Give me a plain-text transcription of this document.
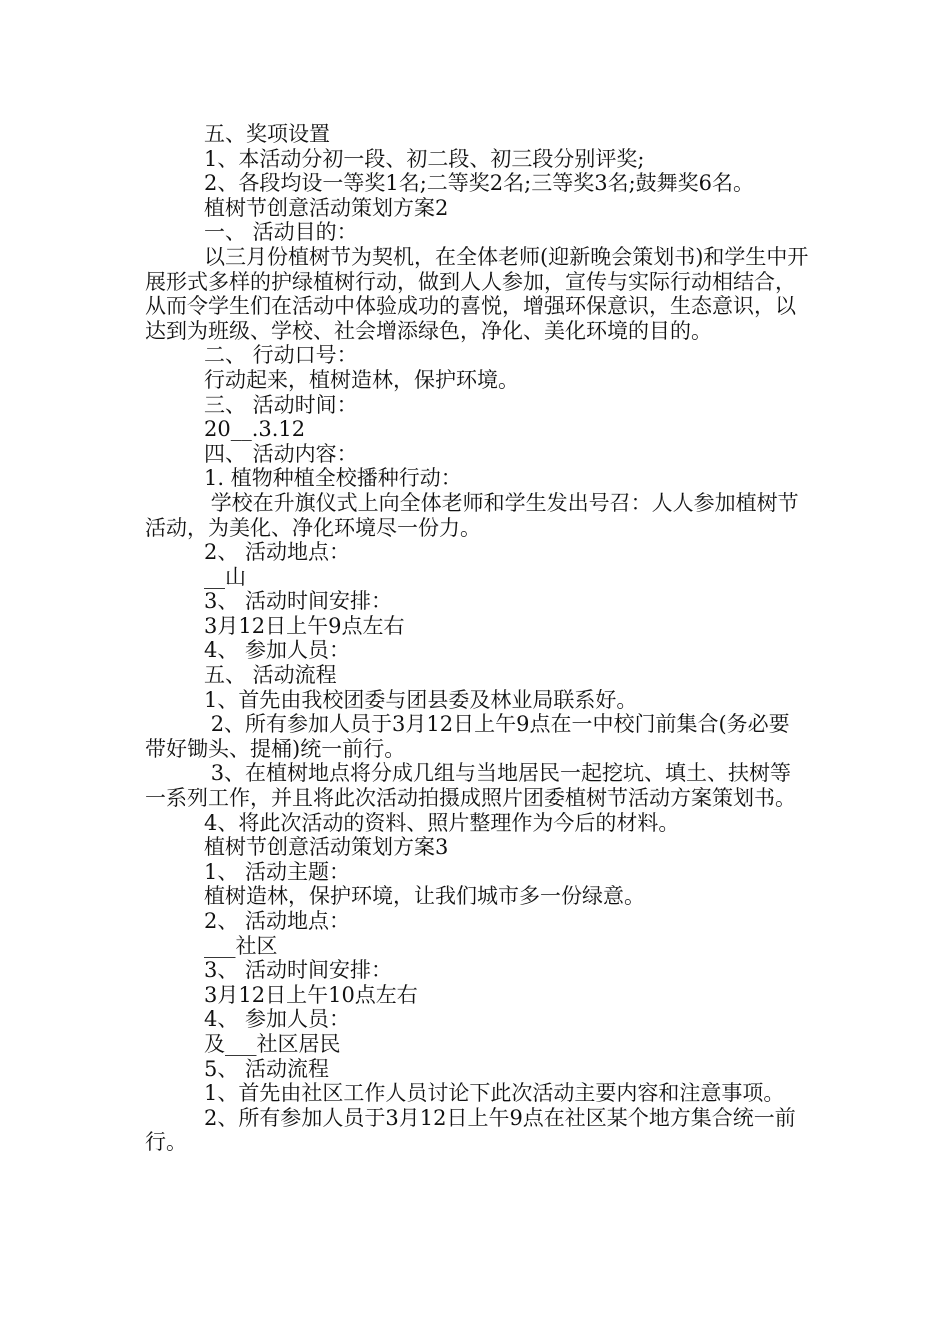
五、奖项设置

1、本活动分初一段、初二段、初三段分别评奖;

2、各段均设一等奖1名;二等奖2名;三等奖3名;鼓舞奖6名。

植树节创意活动策划方案2

一、 活动目的：

以三月份植树节为契机，在全体老师(迎新晚会策划书)和学生中开展形式多样的护绿植树行动，做到人人参加，宣传与实际行动相结合，从而令学生们在活动中体验成功的喜悦，增强环保意识，生态意识，以达到为班级、学校、社会增添绿色，净化、美化环境的目的。

二、 行动口号：

行动起来，植树造林，保护环境。

三、 活动时间：

20__.3.12

四、 活动内容：

1. 植物种植全校播种行动：

学校在升旗仪式上向全体老师和学生发出号召：人人参加植树节活动，为美化、净化环境尽一份力。

2、 活动地点：

__山

3、 活动时间安排：

3月12日上午9点左右

4、 参加人员：

五、 活动流程

1、首先由我校团委与团县委及林业局联系好。

2、所有参加人员于3月12日上午9点在一中校门前集合(务必要带好锄头、提桶)统一前行。

3、在植树地点将分成几组与当地居民一起挖坑、填土、扶树等一系列工作，并且将此次活动拍摄成照片团委植树节活动方案策划书。

4、将此次活动的资料、照片整理作为今后的材料。

植树节创意活动策划方案3

1、 活动主题：

植树造林，保护环境，让我们城市多一份绿意。

2、 活动地点：

___社区

3、 活动时间安排：

3月12日上午10点左右

4、 参加人员：

及___社区居民

5、 活动流程

1、首先由社区工作人员讨论下此次活动主要内容和注意事项。

2、所有参加人员于3月12日上午9点在社区某个地方集合统一前行。
